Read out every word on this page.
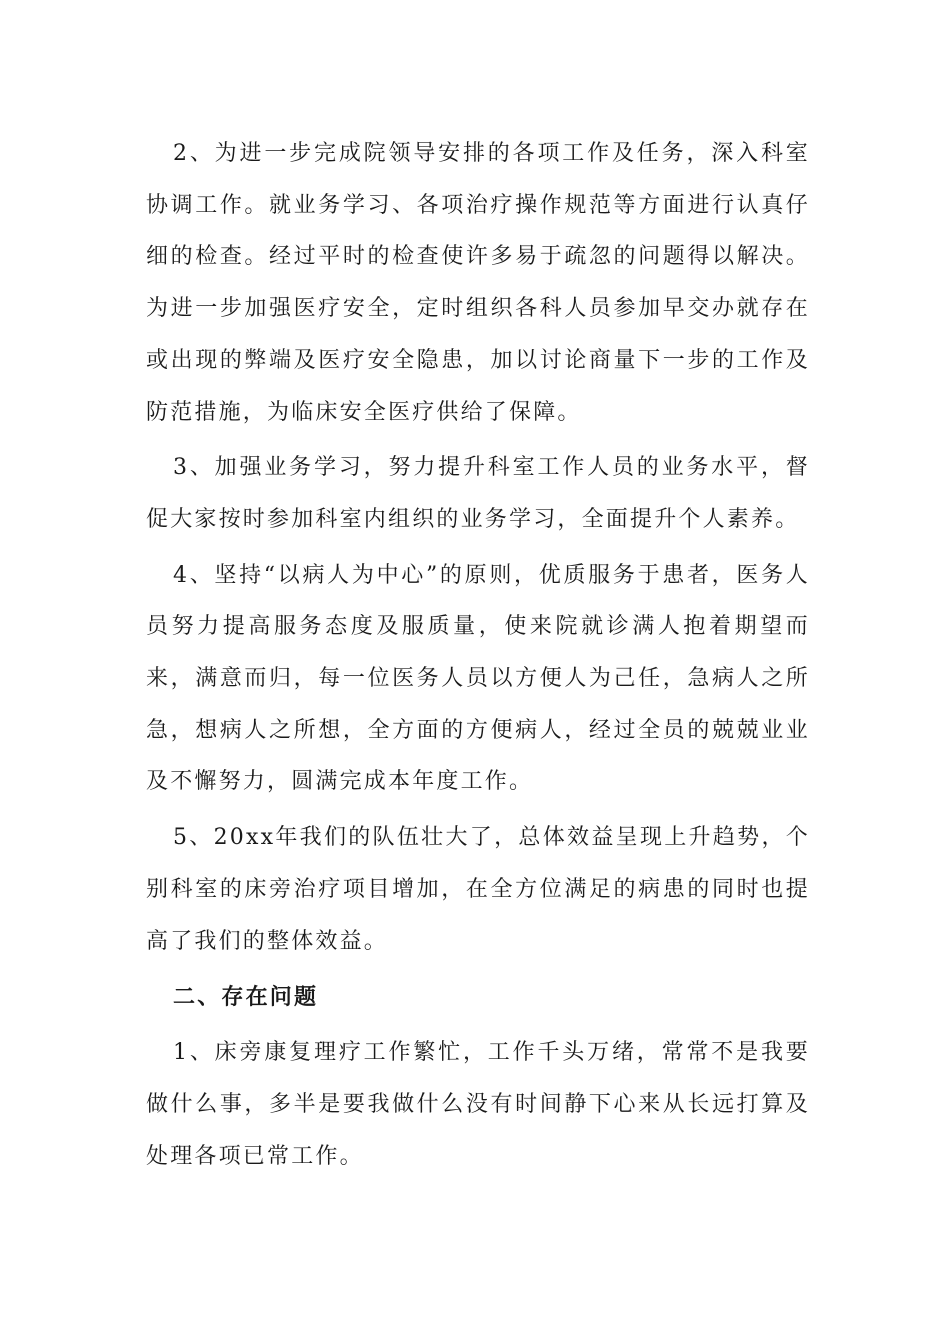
2、为进一步完成院领导安排的各项工作及任务，深入科室协调工作。就业务学习、各项治疗操作规范等方面进行认真仔细的检查。经过平时的检查使许多易于疏忽的问题得以解决。为进一步加强医疗安全，定时组织各科人员参加早交办就存在或出现的弊端及医疗安全隐患，加以讨论商量下一步的工作及防范措施，为临床安全医疗供给了保障。

3、加强业务学习，努力提升科室工作人员的业务水平，督促大家按时参加科室内组织的业务学习，全面提升个人素养。

4、坚持“以病人为中心”的原则，优质服务于患者，医务人员努力提高服务态度及服质量，使来院就诊满人抱着期望而来，满意而归，每一位医务人员以方便人为己任，急病人之所急，想病人之所想，全方面的方便病人，经过全员的兢兢业业及不懈努力，圆满完成本年度工作。

5、20xx年我们的队伍壮大了，总体效益呈现上升趋势，个别科室的床旁治疗项目增加，在全方位满足的病患的同时也提高了我们的整体效益。

二、存在问题

1、床旁康复理疗工作繁忙，工作千头万绪，常常不是我要做什么事，多半是要我做什么没有时间静下心来从长远打算及处理各项已常工作。
